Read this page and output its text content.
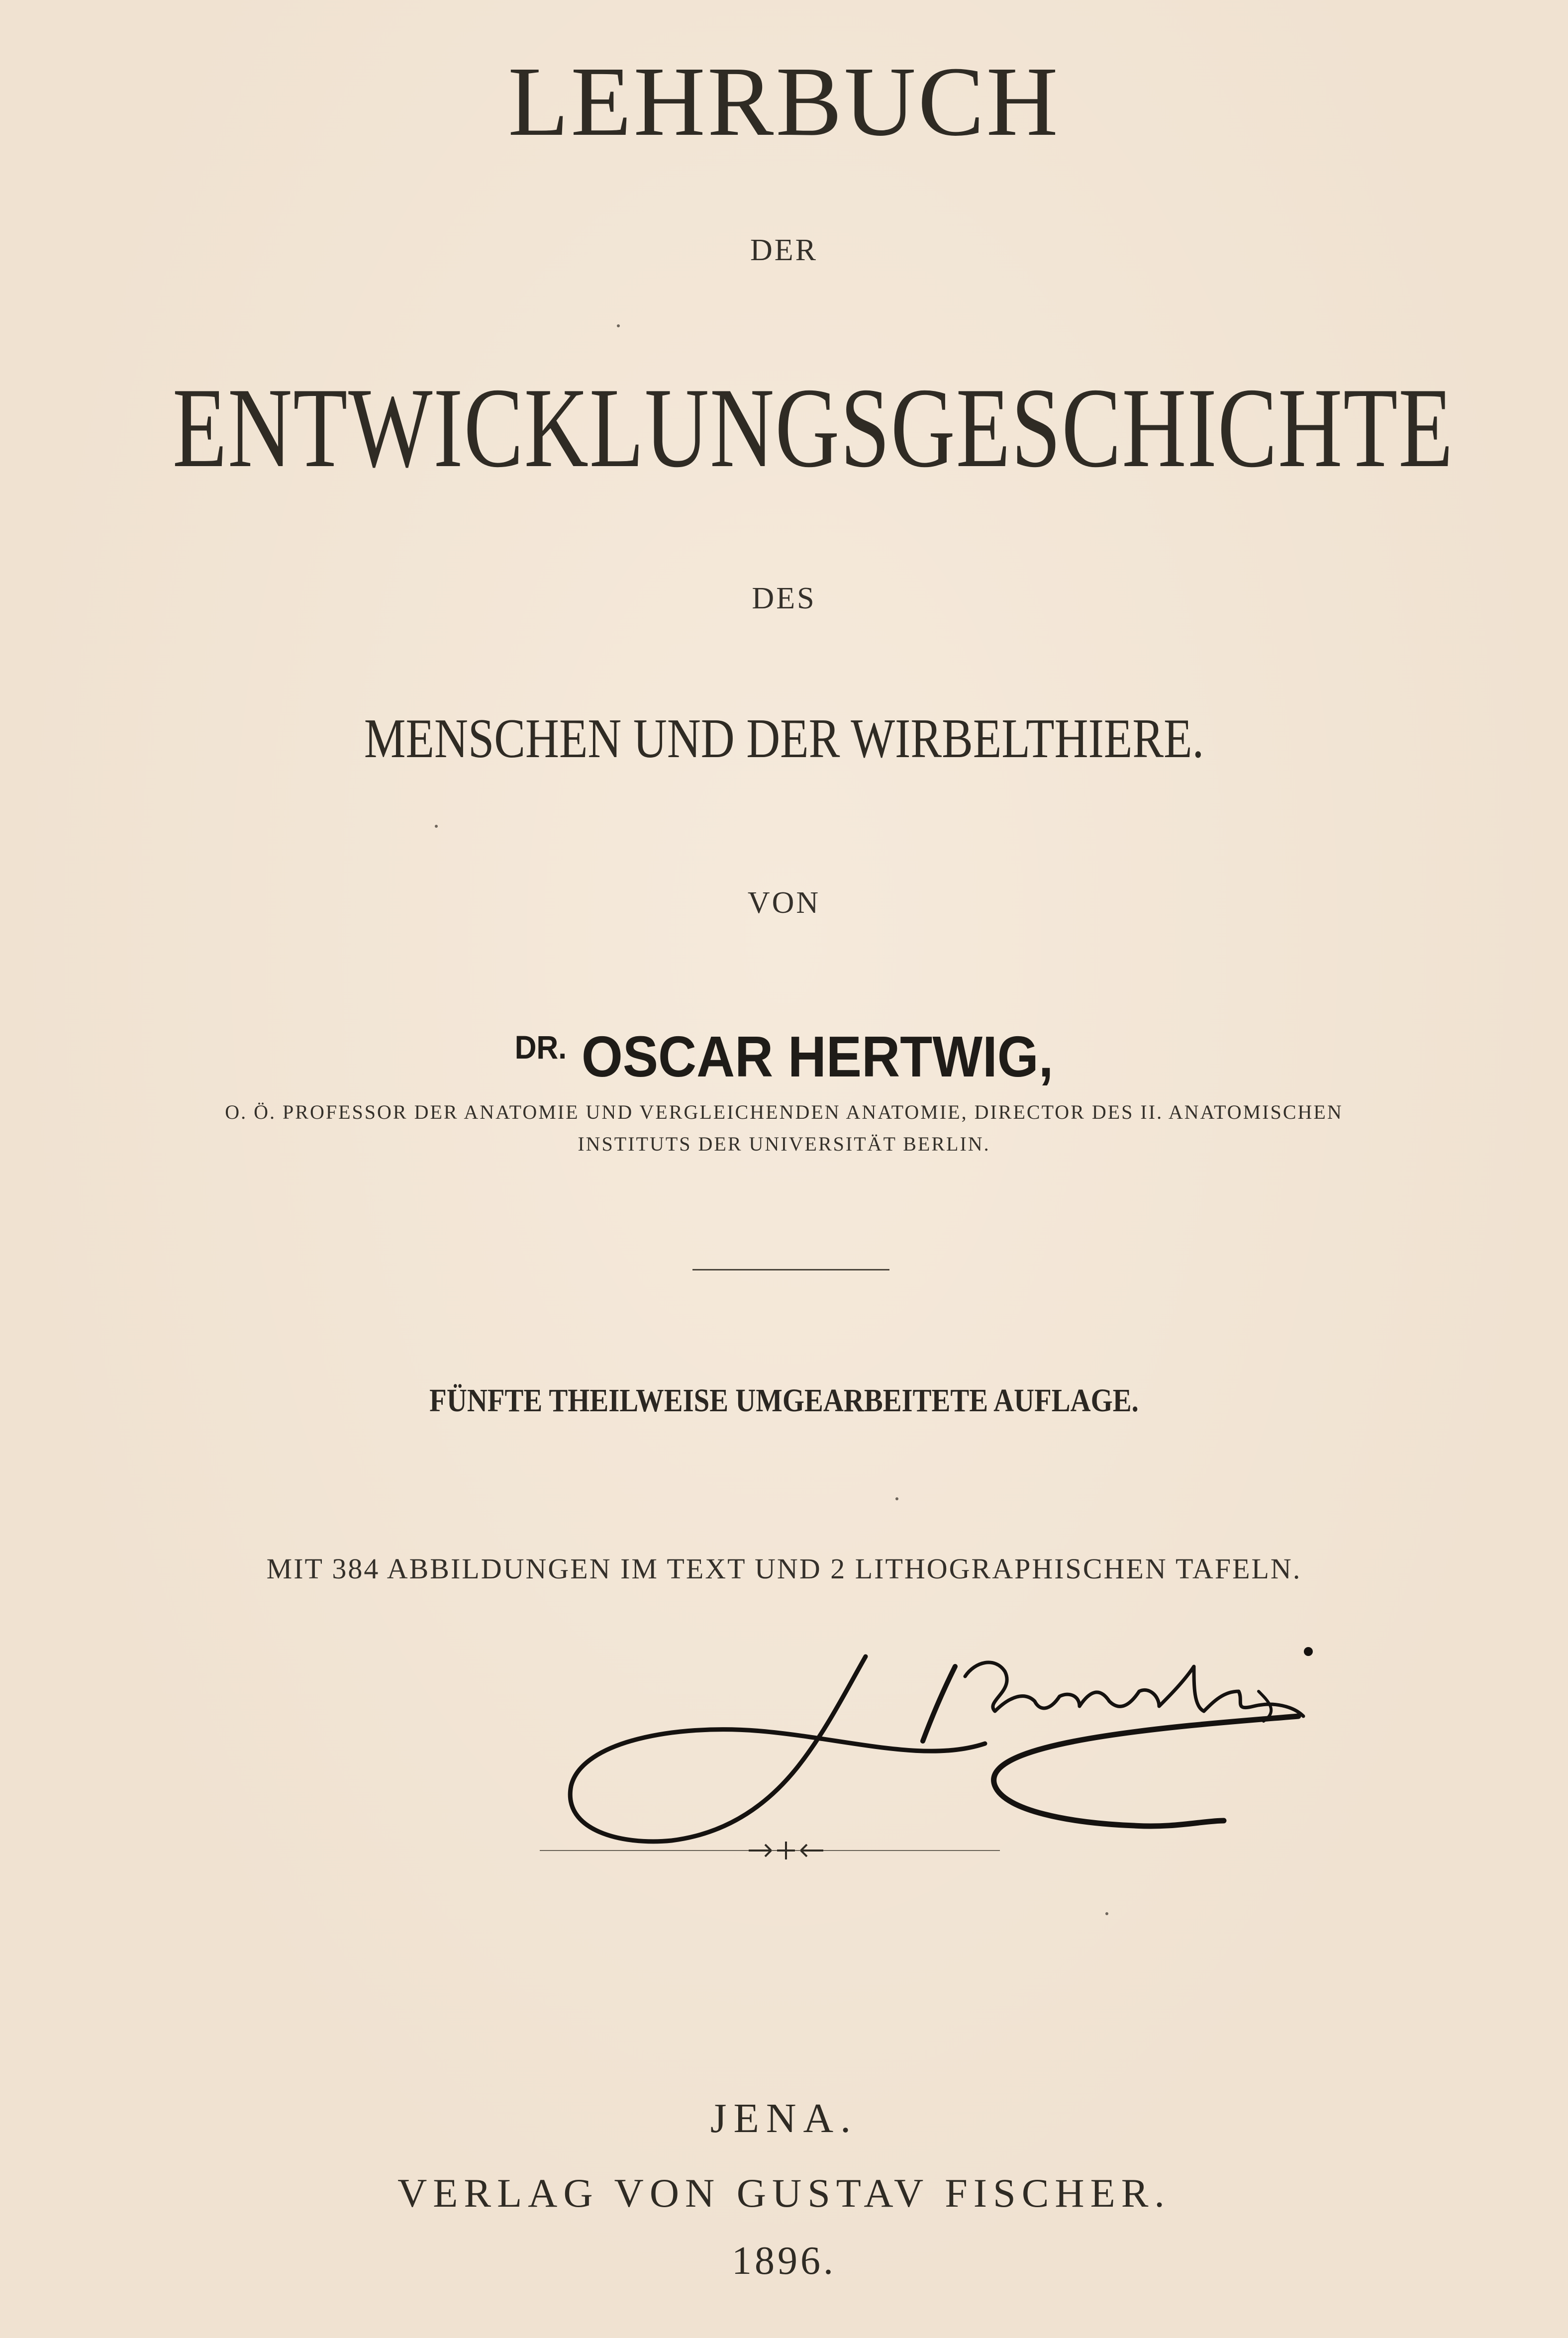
LEHRBUCH
DER
ENTWICKLUNGSGESCHICHTE
DES
MENSCHEN UND DER WIRBELTHIERE.
VON
$^{DR.}$ OSCAR HERTWIG,
O. Ö. PROFESSOR DER ANATOMIE UND VERGLEICHENDEN ANATOMIE, DIRECTOR DES II. ANATOMISCHEN
INSTITUTS DER UNIVERSITÄT BERLIN.
FÜNFTE THEILWEISE UMGEARBEITETE AUFLAGE.
MIT 384 ABBILDUNGEN IM TEXT UND 2 LITHOGRAPHISCHEN TAFELN.
JENA.
VERLAG VON GUSTAV FISCHER.
1896.
